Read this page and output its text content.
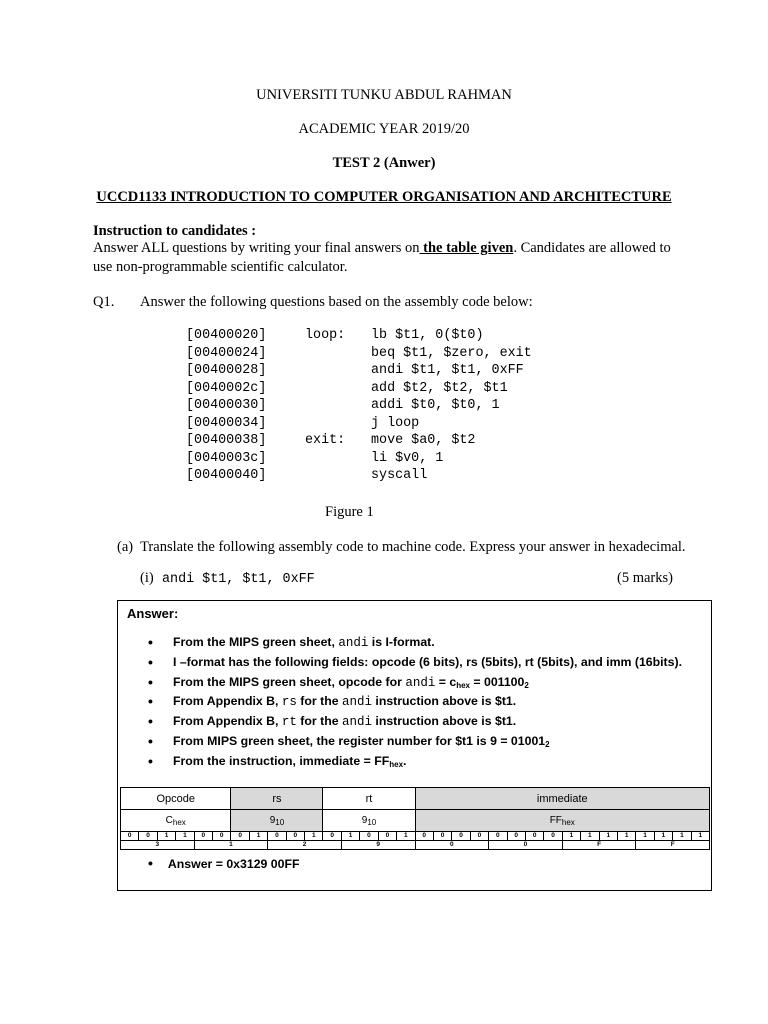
UNIVERSITI TUNKU ABDUL RAHMAN
ACADEMIC YEAR 2019/20
TEST 2 (Anwer)
UCCD1133 INTRODUCTION TO COMPUTER ORGANISATION AND ARCHITECTURE
Instruction to candidates :
Answer ALL questions by writing your final answers on the table given. Candidates are allowed to
use non-programmable scientific calculator.
Q1. Answer the following questions based on the assembly code below:
[00400020]	loop: lb $t1, 0($t0)
[00400024]	beq $t1, $zero, exit
[00400028]	andi $t1, $t1, 0xFF
[0040002c]	add $t2, $t2, $t1
[00400030]	addi $t0, $t0, 1
[00400034]	j loop
[00400038]	exit: move $a0, $t2
[0040003c]	li $v0, 1
[00400040]	syscall
Figure 1
(a)  Translate the following assembly code to machine code. Express your answer in hexadecimal.
(i) andi $t1, $t1, 0xFF	(5 marks)
Answer:
• From the MIPS green sheet, andi is I-format.
• I –format has the following fields: opcode (6 bits), rs (5bits), rt (5bits), and imm (16bits).
• From the MIPS green sheet, opcode for andi = $c_{hex} = 001100_2$
• From Appendix B, rs for the andi instruction above is $t1.
• From Appendix B, rt for the andi instruction above is $t1.
• From MIPS green sheet, the register number for $t1 is $9 = 01001_2$
• From the instruction, immediate = $FF_{hex}$.
Opcode						rs					rt					immediate															
$C_{hex}$						$9_{10}$					$9_{10}$					$FF_{hex}$
0	0	1	1	0	0	0	1	0	0	1	0	1	0	0	1	0	0	0	0	0	0	0	0	1	1	1	1	1	1	1	1
3				1				2				9				0				0				F				F			
• Answer = 0x3129 00FF
